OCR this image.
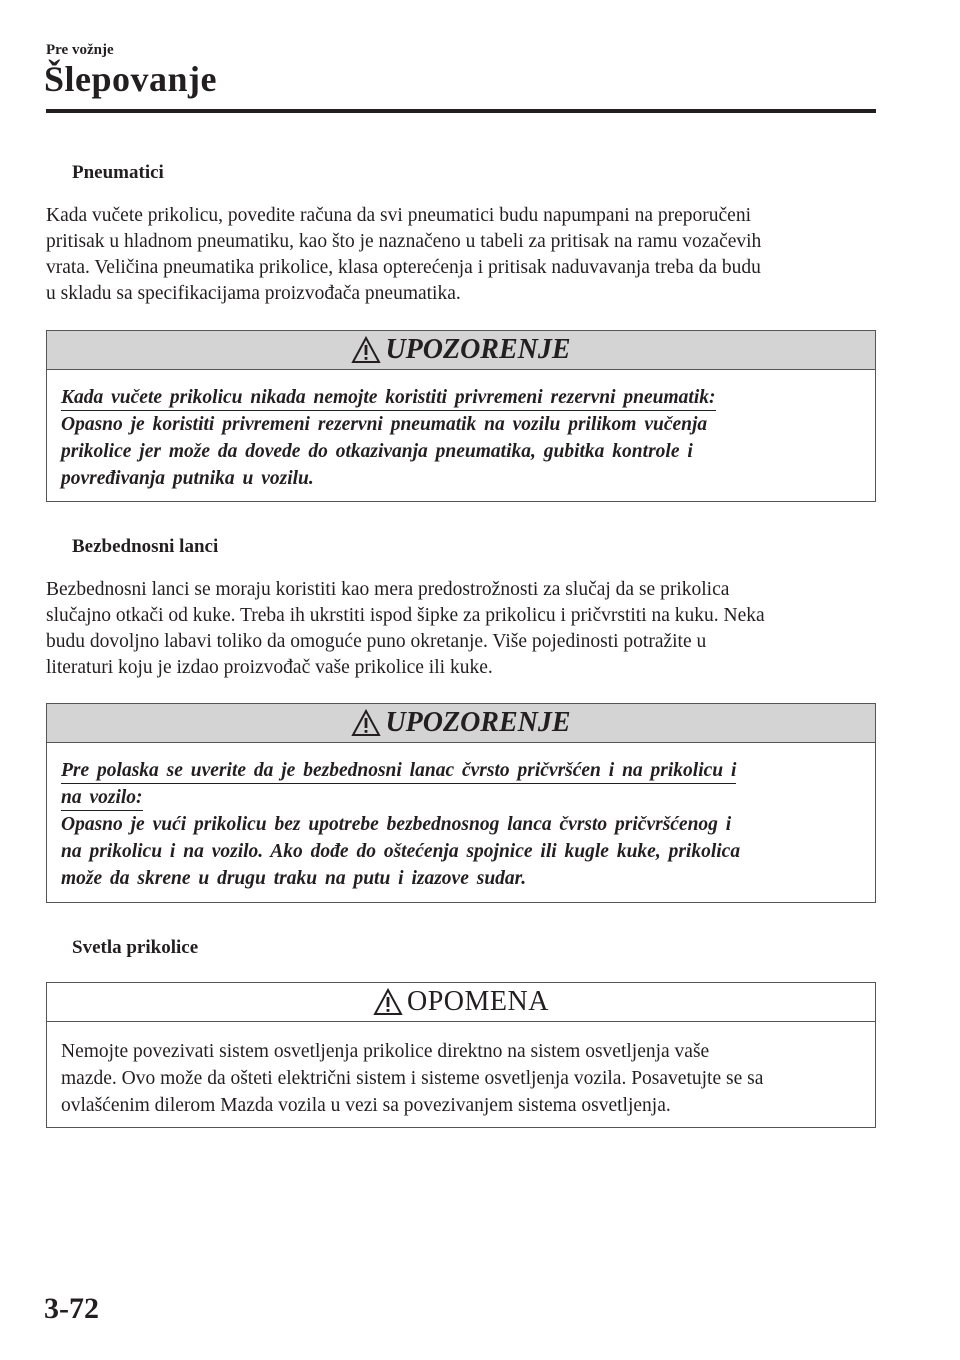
Pre vožnje
Šlepovanje
Pneumatici
Kada vučete prikolicu, povedite računa da svi pneumatici budu napumpani na preporučeni
pritisak u hladnom pneumatiku, kao što je naznačeno u tabeli za pritisak na ramu vozačevih
vrata. Veličina pneumatika prikolice, klasa opterećenja i pritisak naduvavanja treba da budu
u skladu sa specifikacijama proizvođača pneumatika.
UPOZORENJE
Kada vučete prikolicu nikada nemojte koristiti privremeni rezervni pneumatik:
Opasno je koristiti privremeni rezervni pneumatik na vozilu prilikom vučenja
prikolice jer može da dovede do otkazivanja pneumatika, gubitka kontrole i
povređivanja putnika u vozilu.
Bezbednosni lanci
Bezbednosni lanci se moraju koristiti kao mera predostrožnosti za slučaj da se prikolica
slučajno otkači od kuke. Treba ih ukrstiti ispod šipke za prikolicu i pričvrstiti na kuku. Neka
budu dovoljno labavi toliko da omoguće puno okretanje. Više pojedinosti potražite u
literaturi koju je izdao proizvođač vaše prikolice ili kuke.
UPOZORENJE
Pre polaska se uverite da je bezbednosni lanac čvrsto pričvršćen i na prikolicu i
na vozilo:
Opasno je vući prikolicu bez upotrebe bezbednosnog lanca čvrsto pričvršćenog i
na prikolicu i na vozilo. Ako dođe do oštećenja spojnice ili kugle kuke, prikolica
može da skrene u drugu traku na putu i izazove sudar.
Svetla prikolice
OPOMENA
Nemojte povezivati sistem osvetljenja prikolice direktno na sistem osvetljenja vaše
mazde. Ovo može da ošteti električni sistem i sisteme osvetljenja vozila. Posavetujte se sa
ovlašćenim dilerom Mazda vozila u vezi sa povezivanjem sistema osvetljenja.
3-72
